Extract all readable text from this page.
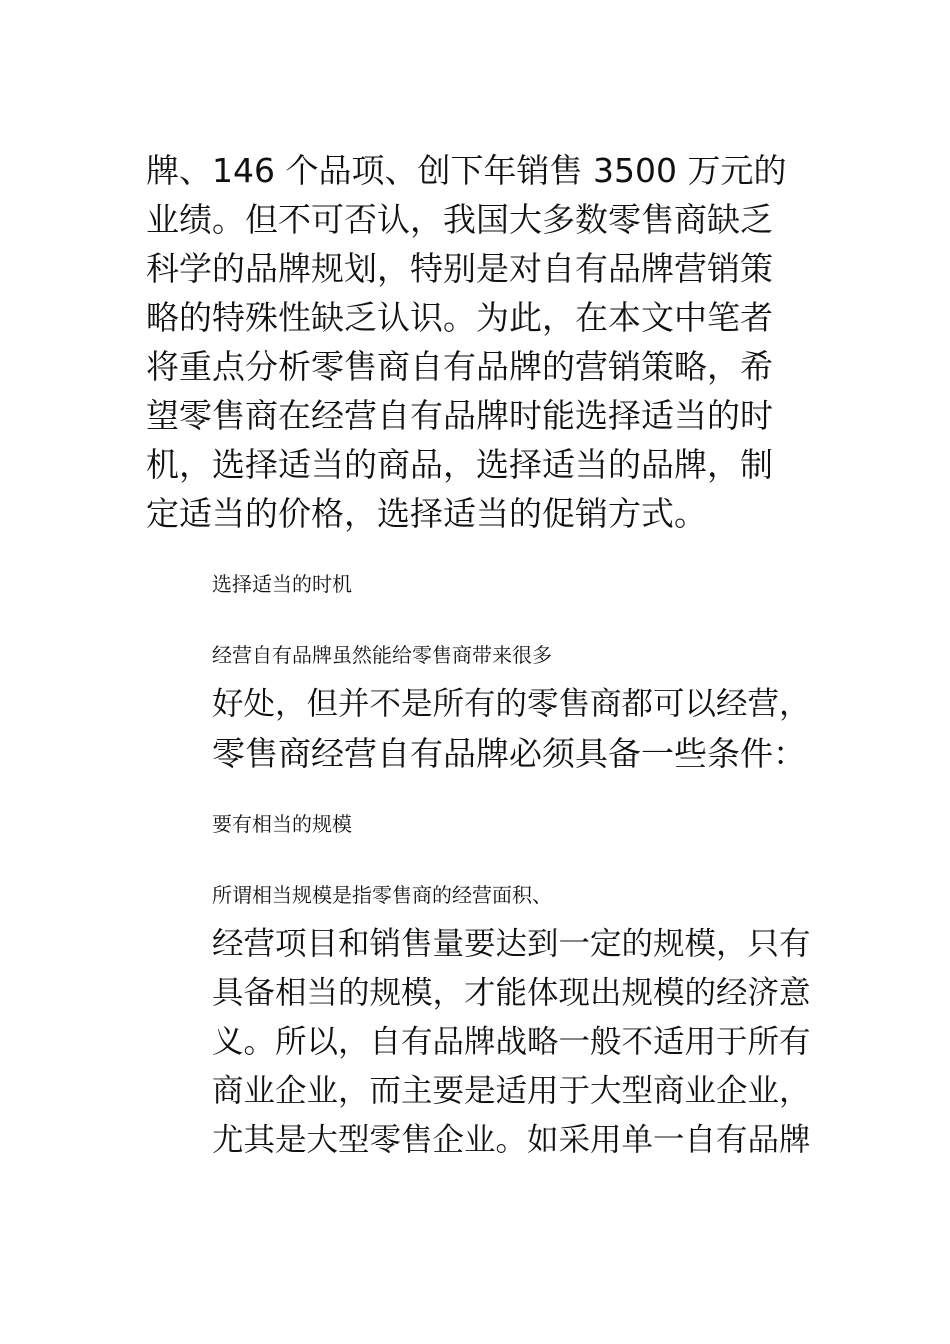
牌、146 个品项、创下年销售 3500 万元的
业绩。但不可否认，我国大多数零售商缺乏
科学的品牌规划，特别是对自有品牌营销策
略的特殊性缺乏认识。为此，在本文中笔者
将重点分析零售商自有品牌的营销策略，希
望零售商在经营自有品牌时能选择适当的时
机，选择适当的商品，选择适当的品牌，制
定适当的价格，选择适当的促销方式。

选择适当的时机

经营自有品牌虽然能给零售商带来很多
好处，但并不是所有的零售商都可以经营，
零售商经营自有品牌必须具备一些条件：

要有相当的规模

所谓相当规模是指零售商的经营面积、
经营项目和销售量要达到一定的规模，只有
具备相当的规模，才能体现出规模的经济意
义。所以，自有品牌战略一般不适用于所有
商业企业，而主要是适用于大型商业企业，
尤其是大型零售企业。如采用单一自有品牌
